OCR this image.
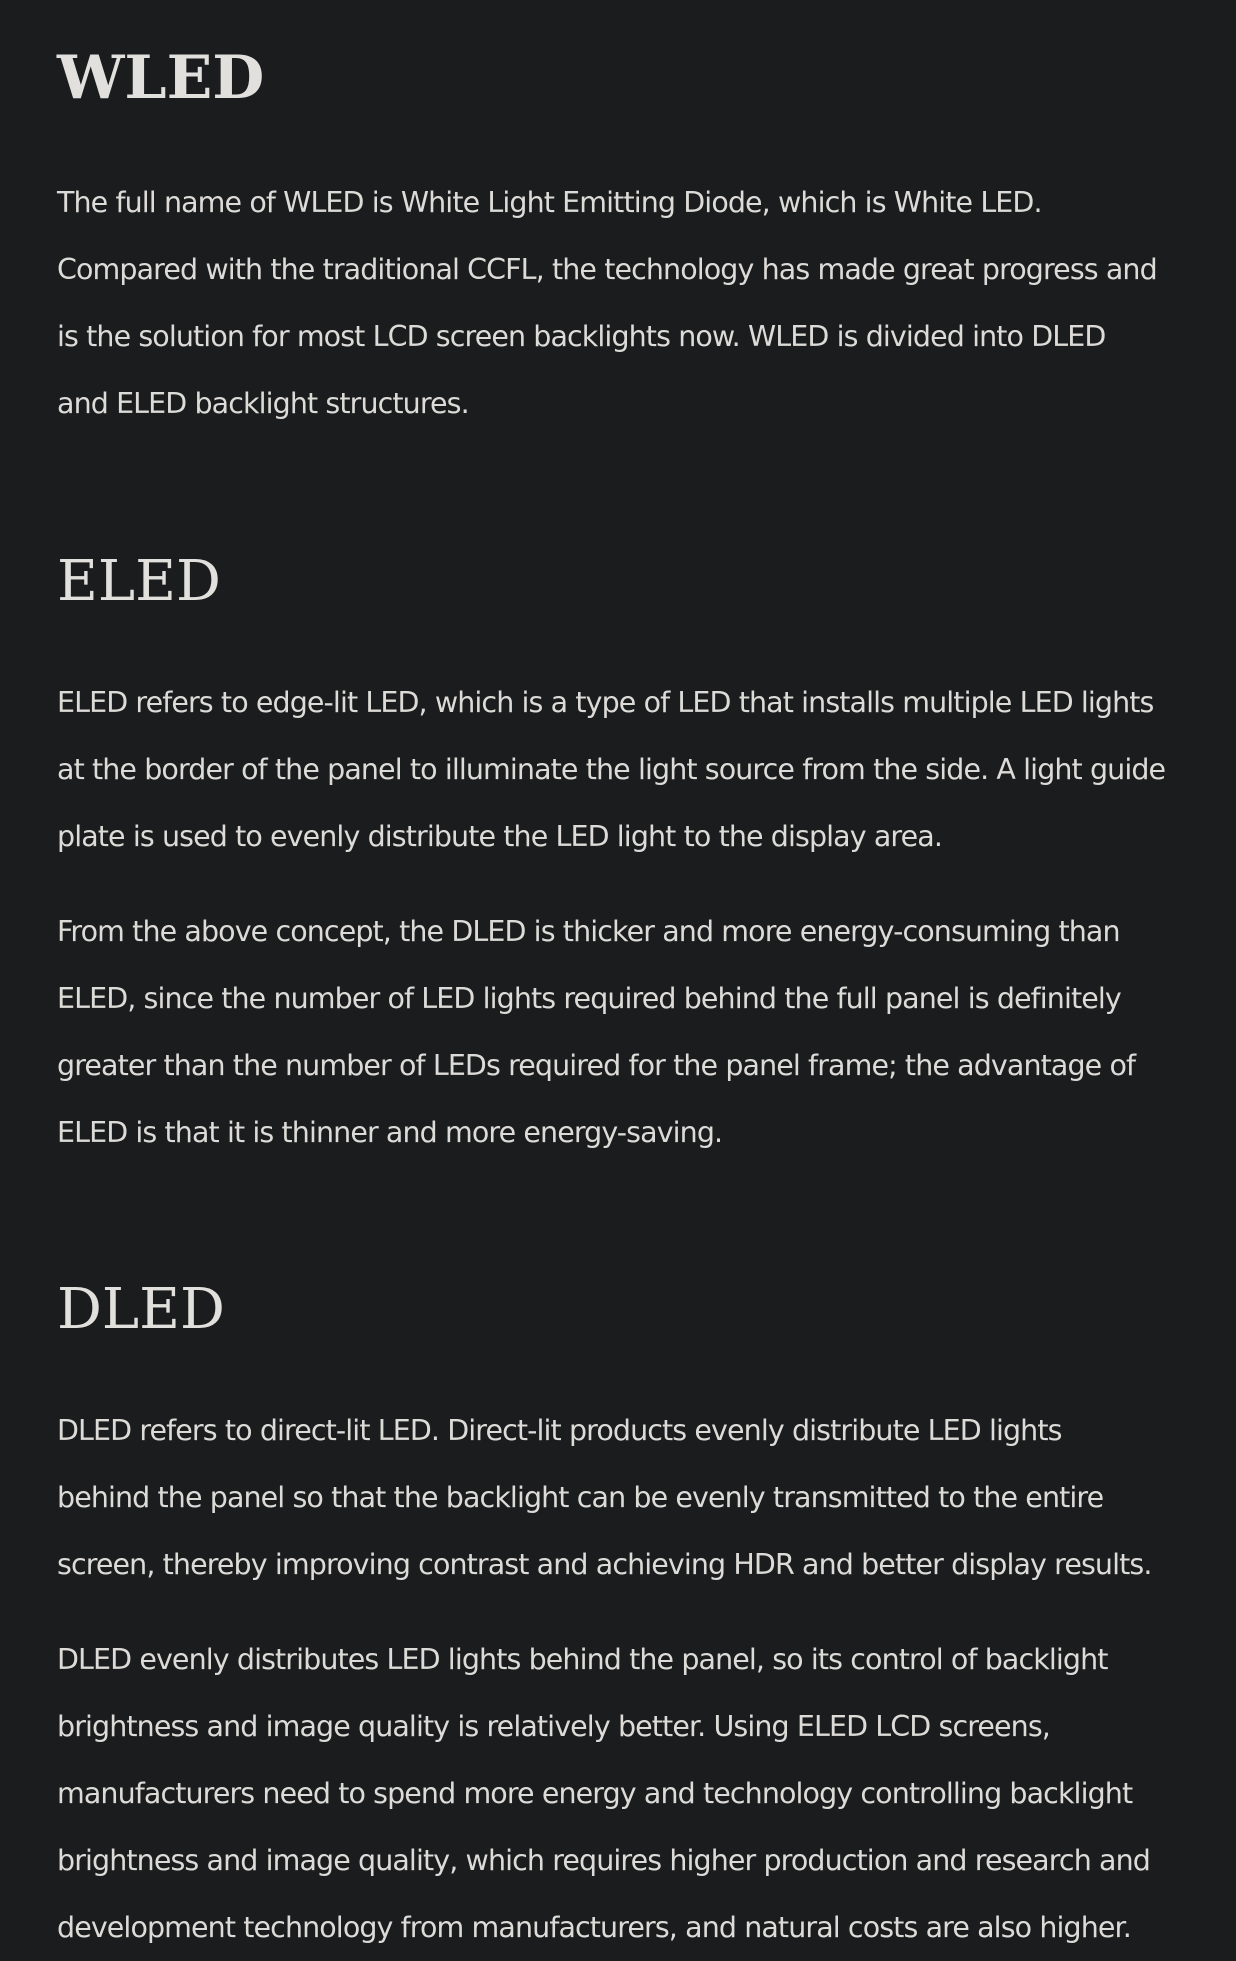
WLED

The full name of WLED is White Light Emitting Diode, which is White LED.
Compared with the traditional CCFL, the technology has made great progress and
is the solution for most LCD screen backlights now. WLED is divided into DLED
and ELED backlight structures.

ELED

ELED refers to edge-lit LED, which is a type of LED that installs multiple LED lights
at the border of the panel to illuminate the light source from the side. A light guide
plate is used to evenly distribute the LED light to the display area.

From the above concept, the DLED is thicker and more energy-consuming than
ELED, since the number of LED lights required behind the full panel is definitely
greater than the number of LEDs required for the panel frame; the advantage of
ELED is that it is thinner and more energy-saving.

DLED

DLED refers to direct-lit LED. Direct-lit products evenly distribute LED lights
behind the panel so that the backlight can be evenly transmitted to the entire
screen, thereby improving contrast and achieving HDR and better display results.

DLED evenly distributes LED lights behind the panel, so its control of backlight
brightness and image quality is relatively better. Using ELED LCD screens,
manufacturers need to spend more energy and technology controlling backlight
brightness and image quality, which requires higher production and research and
development technology from manufacturers, and natural costs are also higher.
